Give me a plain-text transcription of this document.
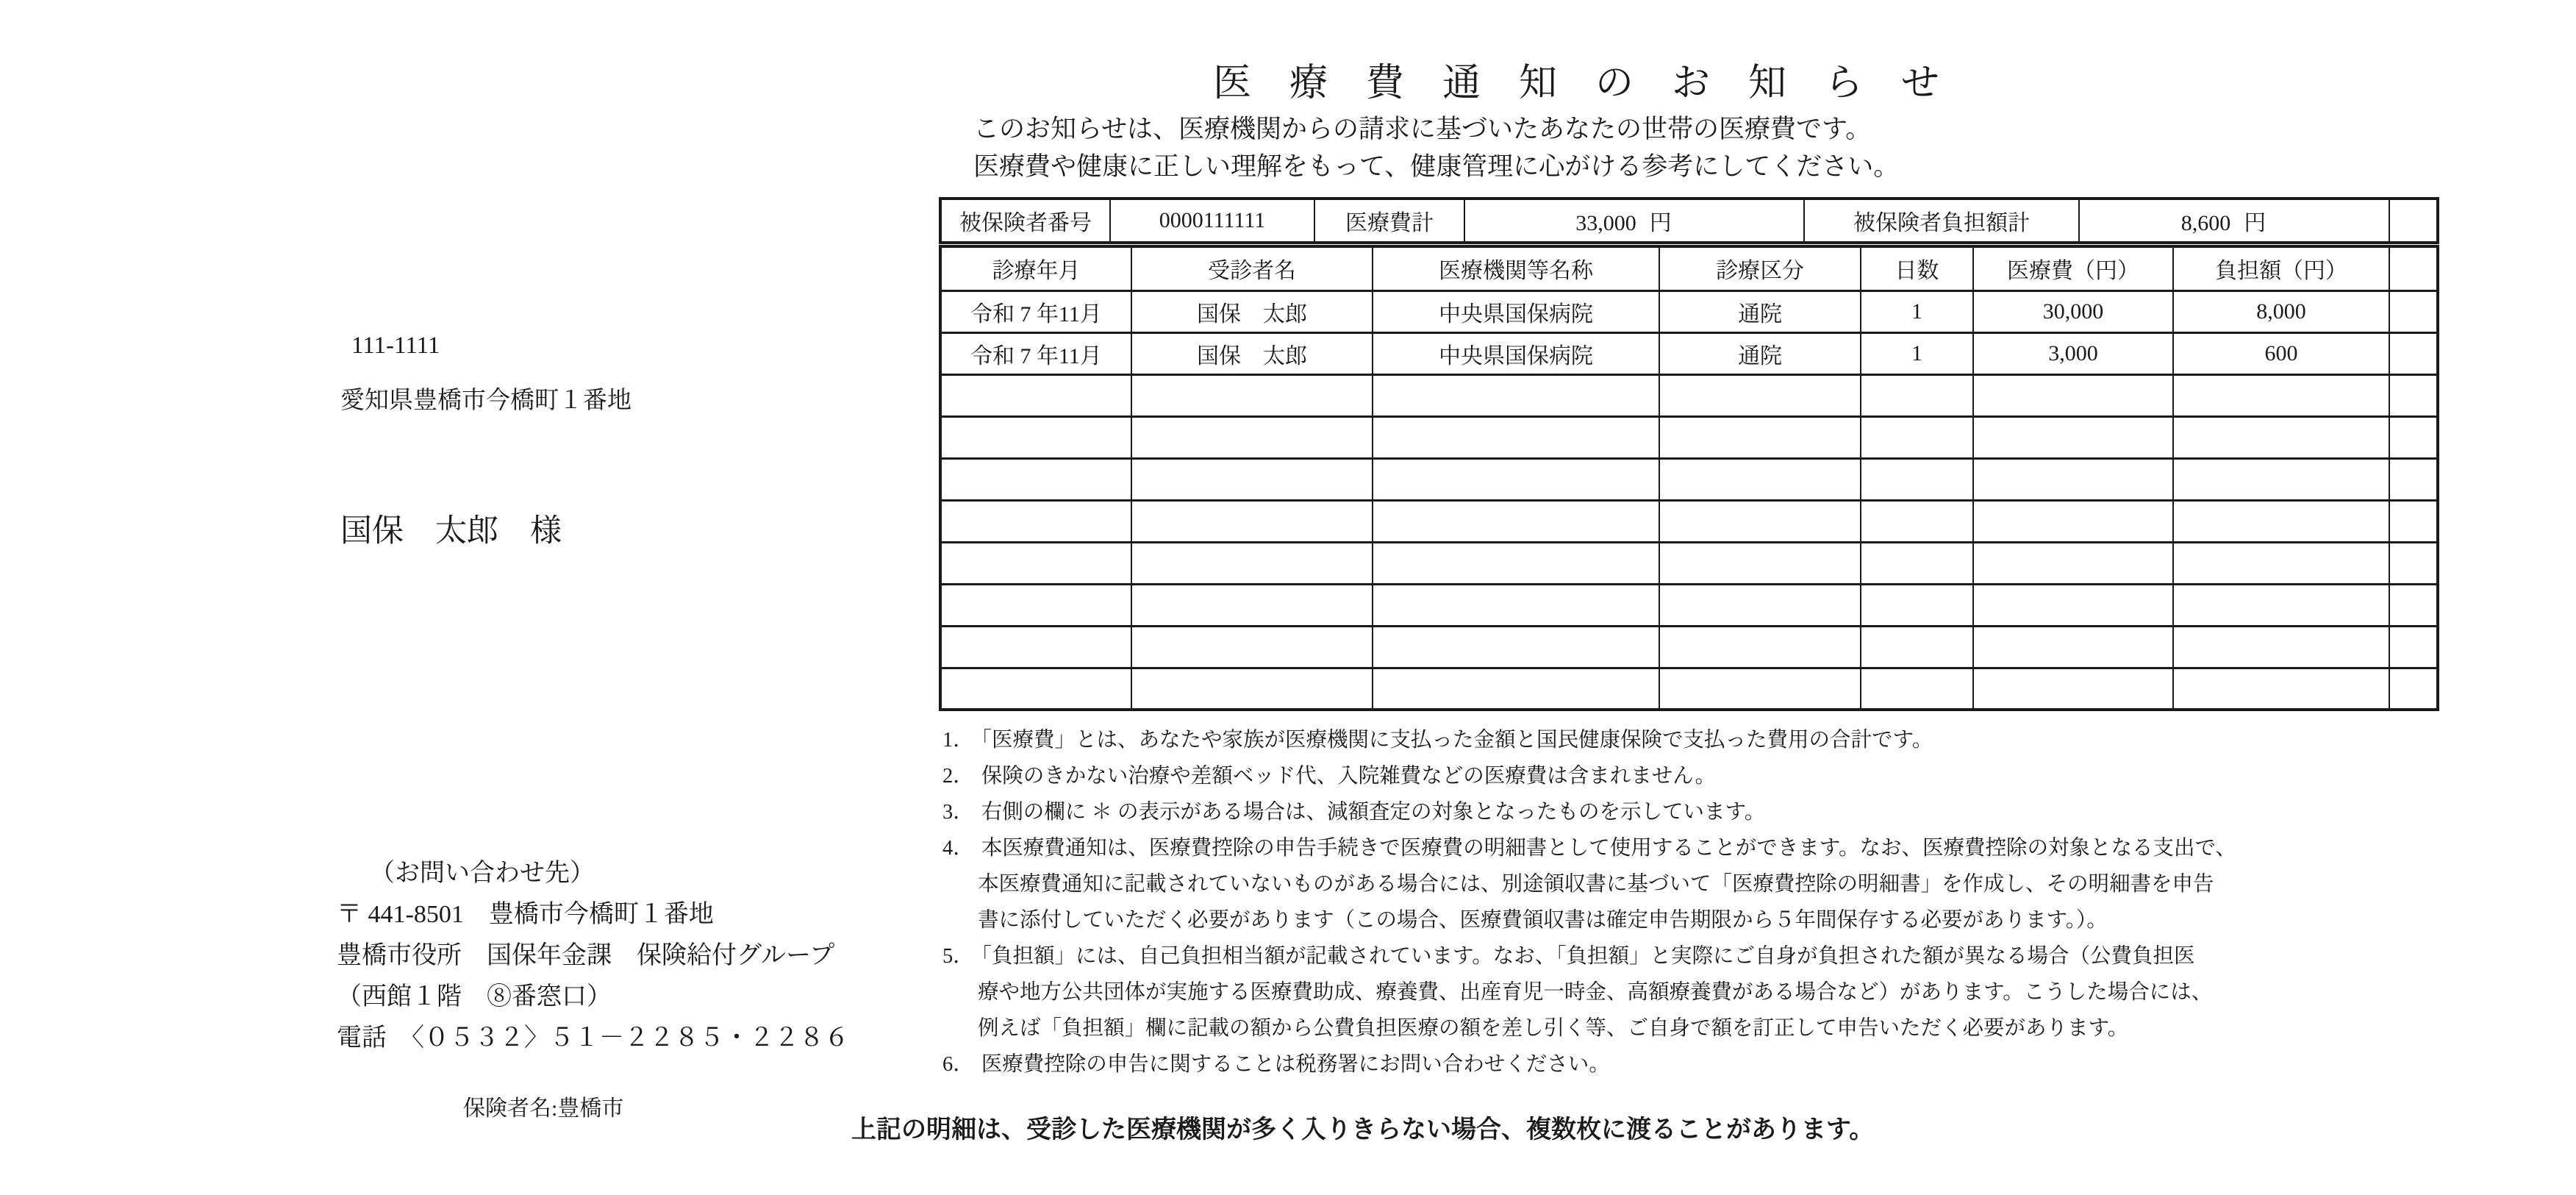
医　療　費　通　知　の　お　知　ら　せ
このお知らせは、医療機関からの請求に基づいたあなたの世帯の医療費です。
医療費や健康に正しい理解をもって、健康管理に心がける参考にしてください。
111-1111
愛知県豊橋市今橋町１番地
国保　太郎　様
被保険者番号	0000111111	医療費計	33,000 円	被保険者負担額計	8,600 円	
診療年月	受診者名	医療機関等名称	診療区分	日数	医療費（円）	負担額（円）	
令和 7 年11月	国保　太郎	中央県国保病院	通院	1	30,000	8,000	
令和 7 年11月	国保　太郎	中央県国保病院	通院	1	3,000	600	

1． 「医療費」とは、あなたや家族が医療機関に支払った金額と国民健康保険で支払った費用の合計です。
2． 保険のきかない治療や差額ベッド代、入院雑費などの医療費は含まれません。
3． 右側の欄に ＊ の表示がある場合は、減額査定の対象となったものを示しています。
4． 本医療費通知は、医療費控除の申告手続きで医療費の明細書として使用することができます。なお、医療費控除の対象となる支出で、
本医療費通知に記載されていないものがある場合には、別途領収書に基づいて「医療費控除の明細書」を作成し、その明細書を申告
書に添付していただく必要があります（この場合、医療費領収書は確定申告期限から５年間保存する必要があります。）。
5． 「負担額」には、自己負担相当額が記載されています。なお、「負担額」と実際にご自身が負担された額が異なる場合（公費負担医
療や地方公共団体が実施する医療費助成、療養費、出産育児一時金、高額療養費がある場合など）があります。こうした場合には、
例えば「負担額」欄に記載の額から公費負担医療の額を差し引く等、ご自身で額を訂正して申告いただく必要があります。
6． 医療費控除の申告に関することは税務署にお問い合わせください。
（お問い合わせ先）
〒 441-8501　豊橋市今橋町１番地
豊橋市役所　国保年金課　保険給付グループ
（西館１階　⑧番窓口）
電話　〈０５３２〉５１－２２８５・２２８６
保険者名:豊橋市
上記の明細は、受診した医療機関が多く入りきらない場合、複数枚に渡ることがあります。
